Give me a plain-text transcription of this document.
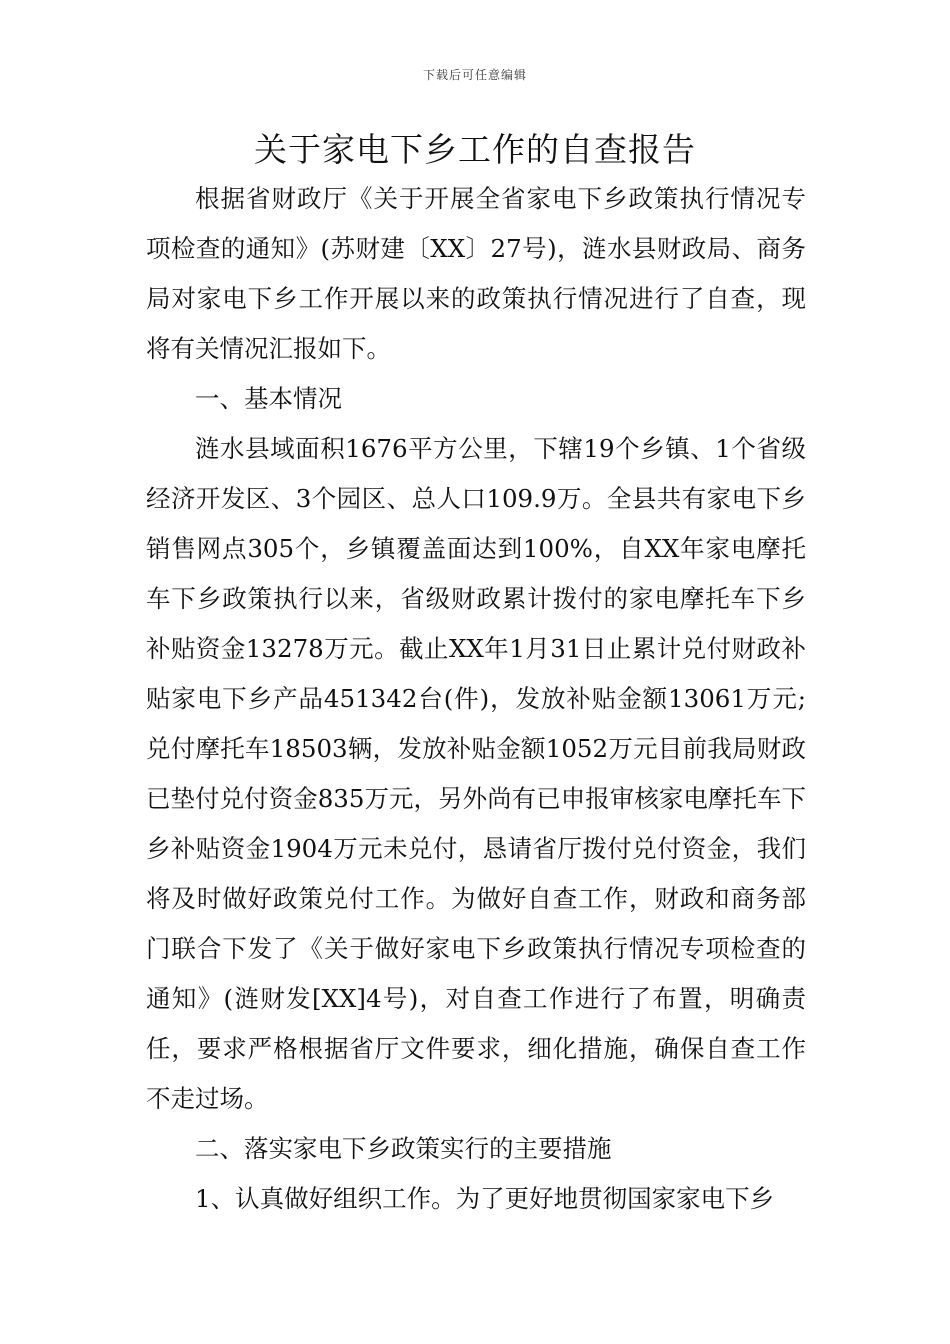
下载后可任意编辑
关于家电下乡工作的自查报告

根据省财政厅《关于开展全省家电下乡政策执行情况专项检查的通知》(苏财建〔XX〕27号)，涟水县财政局、商务局对家电下乡工作开展以来的政策执行情况进行了自查，现将有关情况汇报如下。

一、基本情况

涟水县域面积1676平方公里，下辖19个乡镇、1个省级经济开发区、3个园区、总人口109.9万。全县共有家电下乡销售网点305个，乡镇覆盖面达到100%，自XX年家电摩托车下乡政策执行以来，省级财政累计拨付的家电摩托车下乡补贴资金13278万元。截止XX年1月31日止累计兑付财政补贴家电下乡产品451342台(件)，发放补贴金额13061万元;兑付摩托车18503辆，发放补贴金额1052万元目前我局财政已垫付兑付资金835万元，另外尚有已申报审核家电摩托车下乡补贴资金1904万元未兑付，恳请省厅拨付兑付资金，我们将及时做好政策兑付工作。为做好自查工作，财政和商务部门联合下发了《关于做好家电下乡政策执行情况专项检查的通知》(涟财发[XX]4号)，对自查工作进行了布置，明确责任，要求严格根据省厅文件要求，细化措施，确保自查工作不走过场。

二、落实家电下乡政策实行的主要措施

1、认真做好组织工作。为了更好地贯彻国家家电下乡
